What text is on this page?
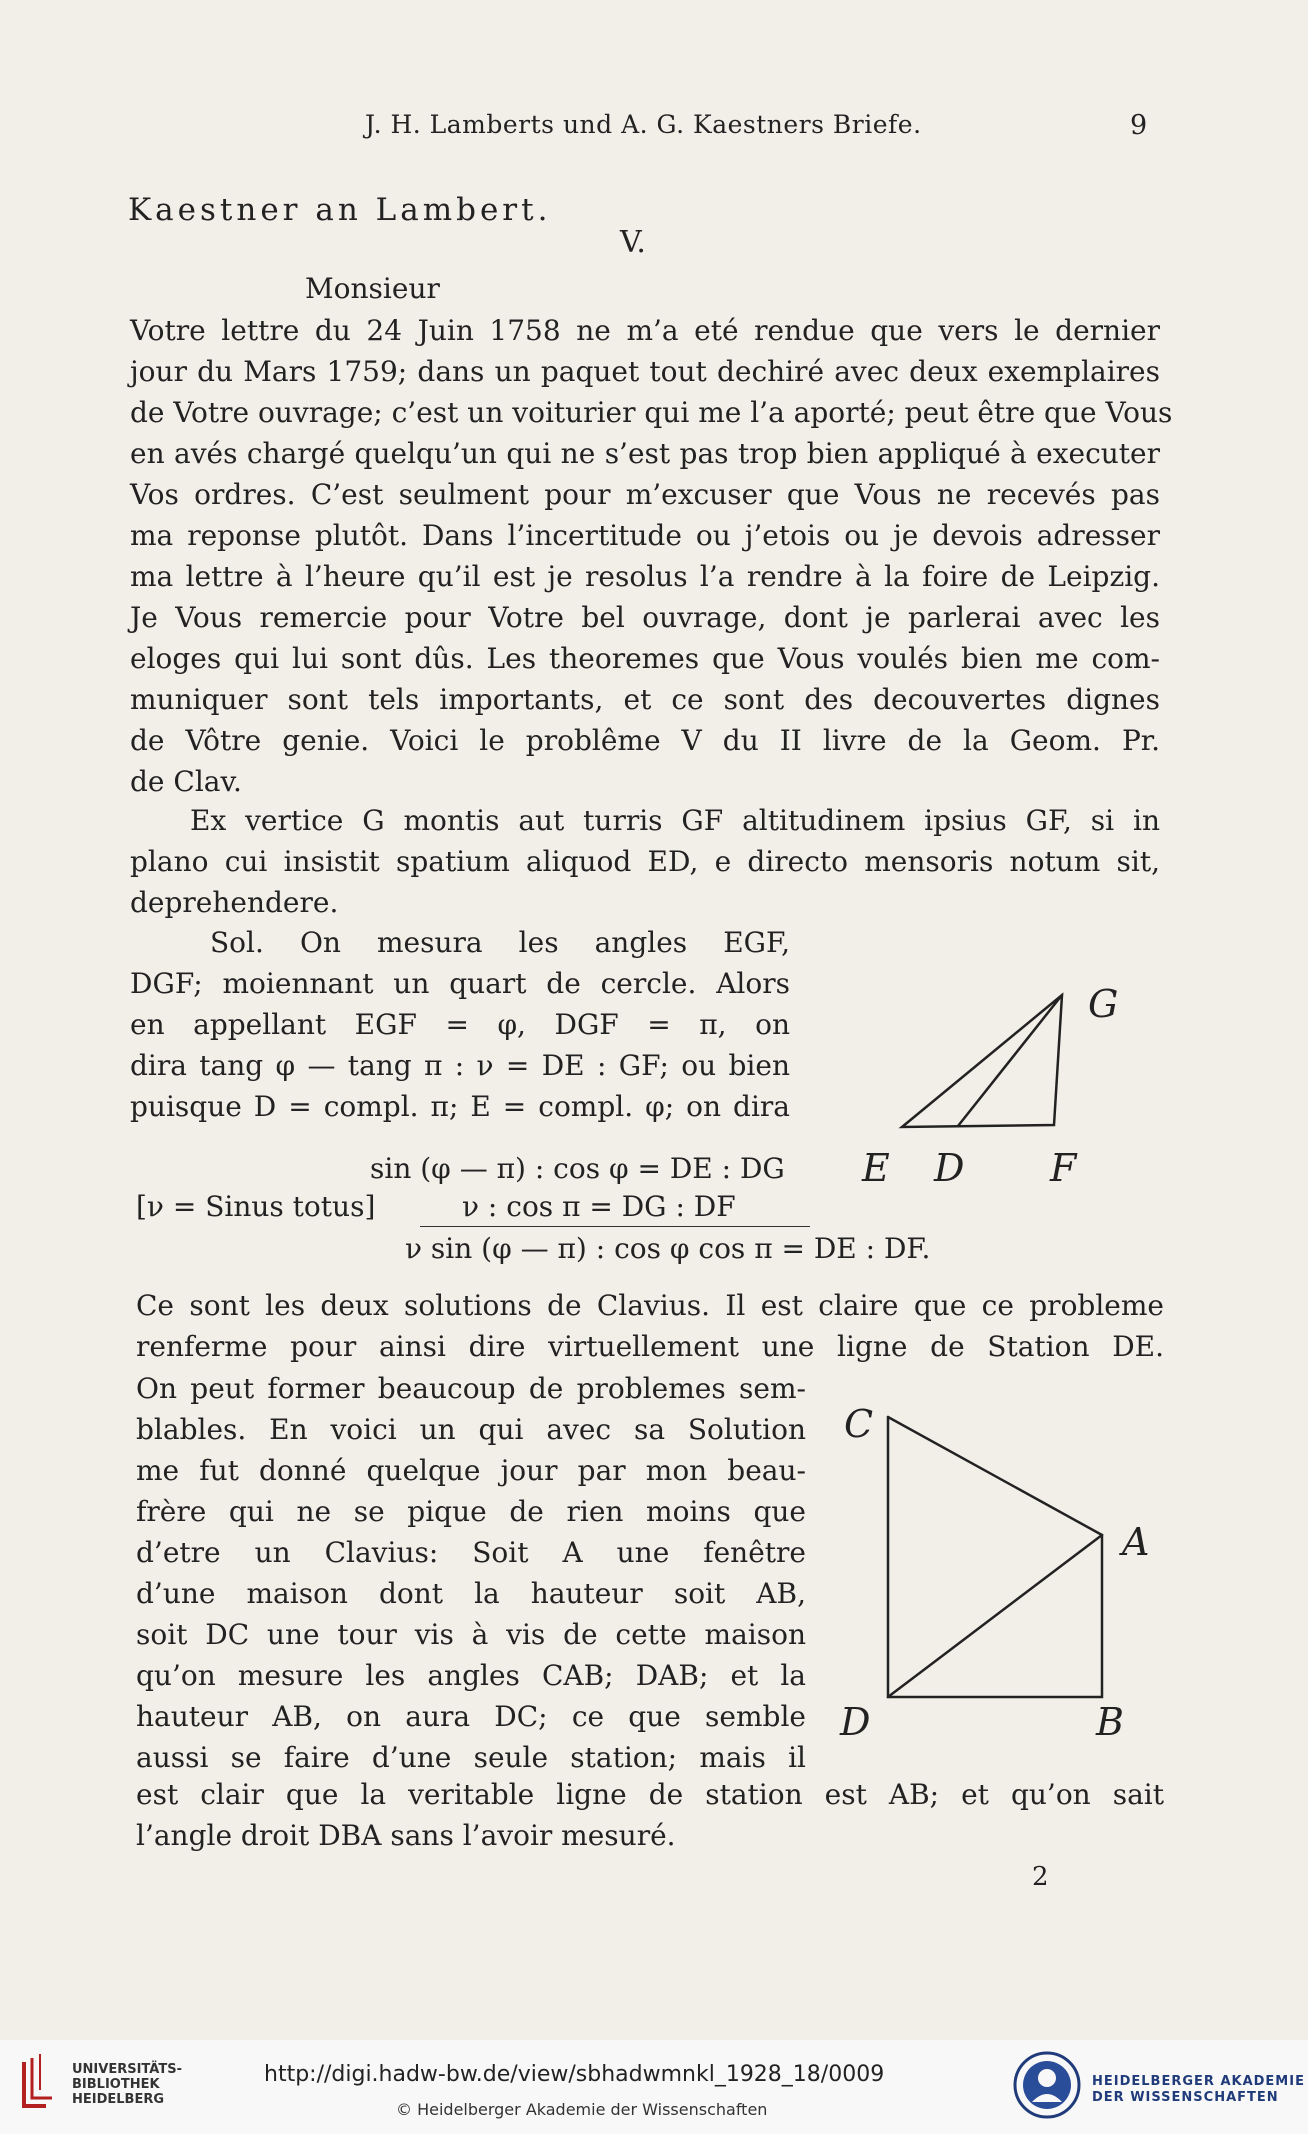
J. H. Lamberts und A. G. Kaestners Briefe.	9
Kaestner an Lambert.
V.
Monsieur
Votre lettre du 24 Juin 1758 ne m’a eté rendue que vers le dernier
jour du Mars 1759; dans un paquet tout dechiré avec deux exemplaires
de Votre ouvrage; c’est un voiturier qui me l’a aporté; peut être que Vous
en avés chargé quelqu’un qui ne s’est pas trop bien appliqué à executer
Vos ordres. C’est seulment pour m’excuser que Vous ne recevés pas
ma reponse plutôt. Dans l’incertitude ou j’etois ou je devois adresser
ma lettre à l’heure qu’il est je resolus l’a rendre à la foire de Leipzig.
Je Vous remercie pour Votre bel ouvrage, dont je parlerai avec les
eloges qui lui sont dûs. Les theoremes que Vous voulés bien me com-
muniquer sont tels importants, et ce sont des decouvertes dignes
de Vôtre genie. Voici le problême V du II livre de la Geom. Pr.
de Clav.
Ex vertice G montis aut turris GF altitudinem ipsius GF, si in
plano cui insistit spatium aliquod ED, e directo mensoris notum sit,
deprehendere.
Sol. On mesura les angles EGF,
DGF; moiennant un quart de cercle. Alors
en appellant EGF = φ, DGF = π, on
dira tang φ — tang π : ν = DE : GF; ou bien
puisque D = compl. π; E = compl. φ; on dira
sin (φ — π) : cos φ = DE : DG
[ν = Sinus totus]	ν : cos π = DG : DF
ν sin (φ — π) : cos φ cos π = DE : DF.
G
E D F
Ce sont les deux solutions de Clavius. Il est claire que ce probleme
renferme pour ainsi dire virtuellement une ligne de Station DE.
On peut former beaucoup de problemes sem-
blables. En voici un qui avec sa Solution
me fut donné quelque jour par mon beau-
frère qui ne se pique de rien moins que
d’etre un Clavius: Soit A une fenêtre
d’une maison dont la hauteur soit AB,
soit DC une tour vis à vis de cette maison
qu’on mesure les angles CAB; DAB; et la
hauteur AB, on aura DC; ce que semble
aussi se faire d’une seule station; mais il
C
A
D	B
est clair que la veritable ligne de station est AB; et qu’on sait
l’angle droit DBA sans l’avoir mesuré.
2
UNIVERSITÄTS-
BIBLIOTHEK
HEIDELBERG
http://digi.hadw-bw.de/view/sbhadwmnkl_1928_18/0009
© Heidelberger Akademie der Wissenschaften
HEIDELBERGER AKADEMIE
DER WISSENSCHAFTEN
